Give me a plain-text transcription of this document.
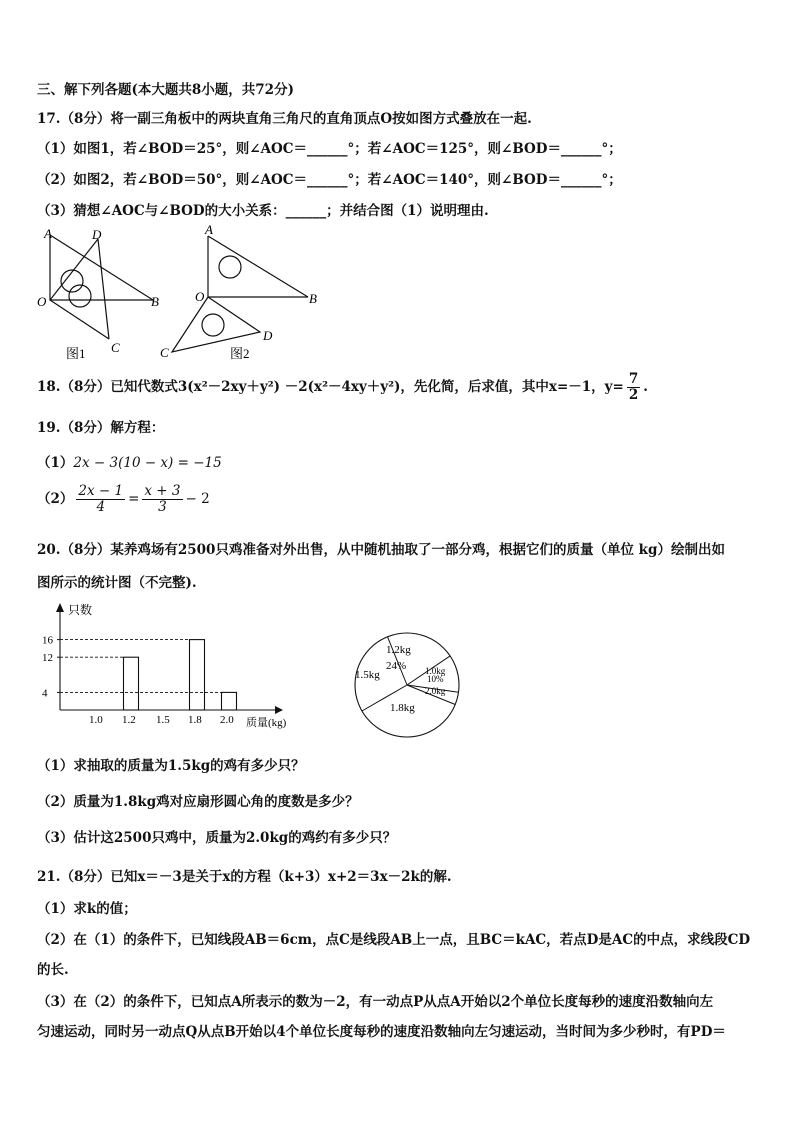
三、解下列各题(本大题共8小题，共72分)
17.（8分）将一副三角板中的两块直角三角尺的直角顶点O按如图方式叠放在一起.
（1）如图1，若∠BOD＝25°，则∠AOC＝______°；若∠AOC＝125°，则∠BOD＝______°；
（2）如图2，若∠BOD＝50°，则∠AOC＝______°；若∠AOC＝140°，则∠BOD＝______°；
（3）猜想∠AOC与∠BOD的大小关系：______；并结合图（1）说明理由.
A	D
O	B
C
图1
A
O	B
D
C	图2
18.（8分）已知代数式3(x²－2xy＋y²) －2(x²－4xy＋y²)，先化简，后求值，其中x=－1，$y= \frac{7}{2}$ .
19.（8分）解方程：
（1）2x − 3(10 − x) = −15
$(2) \frac{2x - 1}{4} = \frac{x + 3}{3} - 2$
20.（8分）某养鸡场有2500只鸡准备对外出售，从中随机抽取了一部分鸡，根据它们的质量（单位 kg）绘制出如
图所示的统计图（不完整).
只数
质量(kg)
4
12
16
1.0 1.2 1.5 1.8 2.0
1.2kg
24% 1.0kg
10%
2.0kg
1.8kg
1.5kg
（1）求抽取的质量为1.5kg的鸡有多少只？
（2）质量为1.8kg鸡对应扇形圆心角的度数是多少？
（3）估计这2500只鸡中，质量为2.0kg的鸡约有多少只？
21.（8分）已知x＝－3是关于x的方程（k+3）x+2＝3x－2k的解.
（1）求k的值；
（2）在（1）的条件下，已知线段AB＝6cm，点C是线段AB上一点，且BC＝kAC，若点D是AC的中点，求线段CD
的长.
（3）在（2）的条件下，已知点A所表示的数为－2，有一动点P从点A开始以2个单位长度每秒的速度沿数轴向左
匀速运动，同时另一动点Q从点B开始以4个单位长度每秒的速度沿数轴向左匀速运动，当时间为多少秒时，有PD＝
